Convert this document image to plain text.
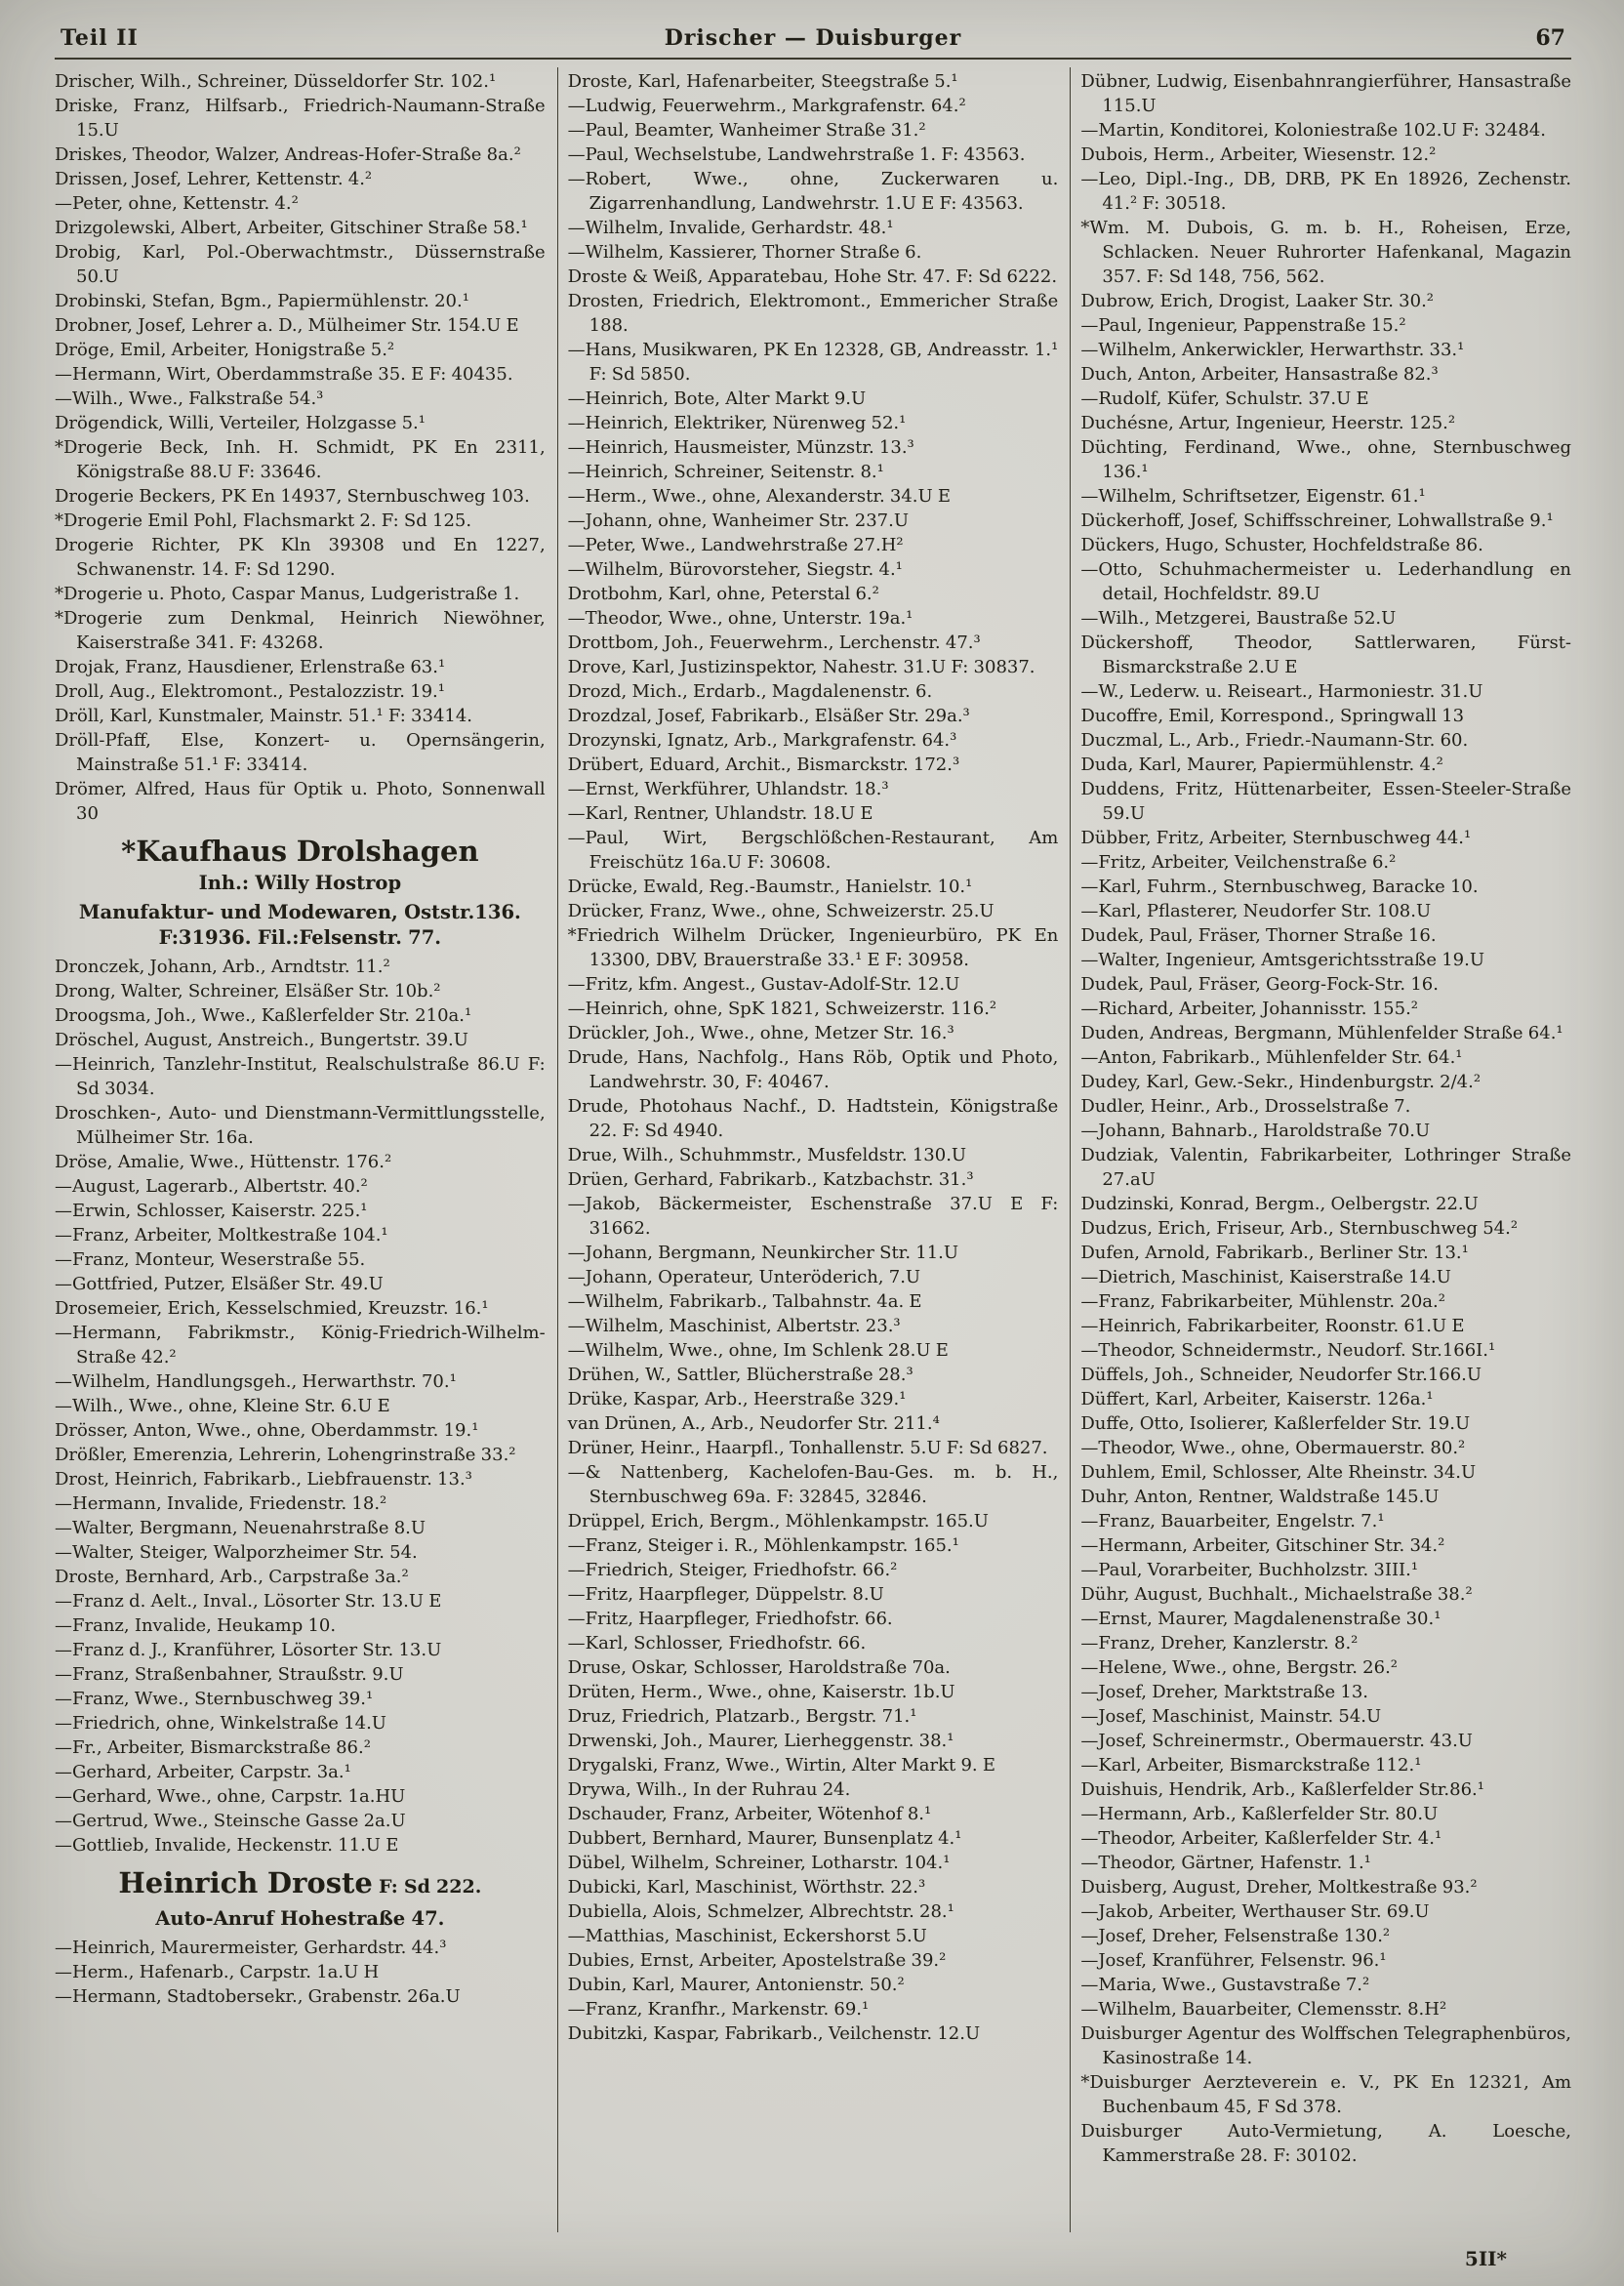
Teil II	Drischer — Duisburger	67

Drischer, Wilh., Schreiner, Düsseldorfer Str. 102.¹

Driske, Franz, Hilfsarb., Friedrich-Naumann-Straße 15.U

Driskes, Theodor, Walzer, Andreas-Hofer-Straße 8a.²

Drissen, Josef, Lehrer, Kettenstr. 4.²

—Peter, ohne, Kettenstr. 4.²

Drizgolewski, Albert, Arbeiter, Gitschiner Straße 58.¹

Drobig, Karl, Pol.-Oberwachtmstr., Düssernstraße 50.U

Drobinski, Stefan, Bgm., Papiermühlenstr. 20.¹

Drobner, Josef, Lehrer a. D., Mülheimer Str. 154.U E

Dröge, Emil, Arbeiter, Honigstraße 5.²

—Hermann, Wirt, Oberdammstraße 35. E F: 40435.

—Wilh., Wwe., Falkstraße 54.³

Drögendick, Willi, Verteiler, Holzgasse 5.¹

*Drogerie Beck, Inh. H. Schmidt, PK En 2311, Königstraße 88.U F: 33646.

Drogerie Beckers, PK En 14937, Sternbuschweg 103.

*Drogerie Emil Pohl, Flachsmarkt 2. F: Sd 125.

Drogerie Richter, PK Kln 39308 und En 1227, Schwanenstr. 14. F: Sd 1290.

*Drogerie u. Photo, Caspar Manus, Ludgeristraße 1.

*Drogerie zum Denkmal, Heinrich Niewöhner, Kaiserstraße 341. F: 43268.

Drojak, Franz, Hausdiener, Erlenstraße 63.¹

Droll, Aug., Elektromont., Pestalozzistr. 19.¹

Dröll, Karl, Kunstmaler, Mainstr. 51.¹ F: 33414.

Dröll-Pfaff, Else, Konzert- u. Opernsängerin, Mainstraße 51.¹ F: 33414.

Drömer, Alfred, Haus für Optik u. Photo, Sonnenwall 30

*Kaufhaus Drolshagen

Inh.: Willy Hostrop

Manufaktur- und Modewaren, Oststr.136. F:31936. Fil.:Felsenstr. 77.

Dronczek, Johann, Arb., Arndtstr. 11.²

Drong, Walter, Schreiner, Elsäßer Str. 10b.²

Droogsma, Joh., Wwe., Kaßlerfelder Str. 210a.¹

Dröschel, August, Anstreich., Bungertstr. 39.U

—Heinrich, Tanzlehr-Institut, Realschulstraße 86.U F: Sd 3034.

Droschken-, Auto- und Dienstmann-Vermittlungsstelle, Mülheimer Str. 16a.

Dröse, Amalie, Wwe., Hüttenstr. 176.²

—August, Lagerarb., Albertstr. 40.²

—Erwin, Schlosser, Kaiserstr. 225.¹

—Franz, Arbeiter, Moltkestraße 104.¹

—Franz, Monteur, Weserstraße 55.

—Gottfried, Putzer, Elsäßer Str. 49.U

Drosemeier, Erich, Kesselschmied, Kreuzstr. 16.¹

—Hermann, Fabrikmstr., König-Friedrich-Wilhelm-Straße 42.²

—Wilhelm, Handlungsgeh., Herwarthstr. 70.¹

—Wilh., Wwe., ohne, Kleine Str. 6.U E

Drösser, Anton, Wwe., ohne, Oberdammstr. 19.¹

Drößler, Emerenzia, Lehrerin, Lohengrinstraße 33.²

Drost, Heinrich, Fabrikarb., Liebfrauenstr. 13.³

—Hermann, Invalide, Friedenstr. 18.²

—Walter, Bergmann, Neuenahrstraße 8.U

—Walter, Steiger, Walporzheimer Str. 54.

Droste, Bernhard, Arb., Carpstraße 3a.²

—Franz d. Aelt., Inval., Lösorter Str. 13.U E

—Franz, Invalide, Heukamp 10.

—Franz d. J., Kranführer, Lösorter Str. 13.U

—Franz, Straßenbahner, Straußstr. 9.U

—Franz, Wwe., Sternbuschweg 39.¹

—Friedrich, ohne, Winkelstraße 14.U

—Fr., Arbeiter, Bismarckstraße 86.²

—Gerhard, Arbeiter, Carpstr. 3a.¹

—Gerhard, Wwe., ohne, Carpstr. 1a.HU

—Gertrud, Wwe., Steinsche Gasse 2a.U

—Gottlieb, Invalide, Heckenstr. 11.U E

Heinrich Droste F: Sd 222.

Auto-Anruf Hohestraße 47.

—Heinrich, Maurermeister, Gerhardstr. 44.³

—Herm., Hafenarb., Carpstr. 1a.U H

—Hermann, Stadtobersekr., Grabenstr. 26a.U

Droste, Karl, Hafenarbeiter, Steegstraße 5.¹

—Ludwig, Feuerwehrm., Markgrafenstr. 64.²

—Paul, Beamter, Wanheimer Straße 31.²

—Paul, Wechselstube, Landwehrstraße 1. F: 43563.

—Robert, Wwe., ohne, Zuckerwaren u. Zigarrenhandlung, Landwehrstr. 1.U E F: 43563.

—Wilhelm, Invalide, Gerhardstr. 48.¹

—Wilhelm, Kassierer, Thorner Straße 6.

Droste & Weiß, Apparatebau, Hohe Str. 47. F: Sd 6222.

Drosten, Friedrich, Elektromont., Emmericher Straße 188.

—Hans, Musikwaren, PK En 12328, GB, Andreasstr. 1.¹ F: Sd 5850.

—Heinrich, Bote, Alter Markt 9.U

—Heinrich, Elektriker, Nürenweg 52.¹

—Heinrich, Hausmeister, Münzstr. 13.³

—Heinrich, Schreiner, Seitenstr. 8.¹

—Herm., Wwe., ohne, Alexanderstr. 34.U E

—Johann, ohne, Wanheimer Str. 237.U

—Peter, Wwe., Landwehrstraße 27.H²

—Wilhelm, Bürovorsteher, Siegstr. 4.¹

Drotbohm, Karl, ohne, Peterstal 6.²

—Theodor, Wwe., ohne, Unterstr. 19a.¹

Drottbom, Joh., Feuerwehrm., Lerchenstr. 47.³

Drove, Karl, Justizinspektor, Nahestr. 31.U F: 30837.

Drozd, Mich., Erdarb., Magdalenenstr. 6.

Drozdzal, Josef, Fabrikarb., Elsäßer Str. 29a.³

Drozynski, Ignatz, Arb., Markgrafenstr. 64.³

Drübert, Eduard, Archit., Bismarckstr. 172.³

—Ernst, Werkführer, Uhlandstr. 18.³

—Karl, Rentner, Uhlandstr. 18.U E

—Paul, Wirt, Bergschlößchen-Restaurant, Am Freischütz 16a.U F: 30608.

Drücke, Ewald, Reg.-Baumstr., Hanielstr. 10.¹

Drücker, Franz, Wwe., ohne, Schweizerstr. 25.U

*Friedrich Wilhelm Drücker, Ingenieurbüro, PK En 13300, DBV, Brauerstraße 33.¹ E F: 30958.

—Fritz, kfm. Angest., Gustav-Adolf-Str. 12.U

—Heinrich, ohne, SpK 1821, Schweizerstr. 116.²

Drückler, Joh., Wwe., ohne, Metzer Str. 16.³

Drude, Hans, Nachfolg., Hans Röb, Optik und Photo, Landwehrstr. 30, F: 40467.

Drude, Photohaus Nachf., D. Hadtstein, Königstraße 22. F: Sd 4940.

Drue, Wilh., Schuhmmstr., Musfeldstr. 130.U

Drüen, Gerhard, Fabrikarb., Katzbachstr. 31.³

—Jakob, Bäckermeister, Eschenstraße 37.U E F: 31662.

—Johann, Bergmann, Neunkircher Str. 11.U

—Johann, Operateur, Unteröderich, 7.U

—Wilhelm, Fabrikarb., Talbahnstr. 4a. E

—Wilhelm, Maschinist, Albertstr. 23.³

—Wilhelm, Wwe., ohne, Im Schlenk 28.U E

Drühen, W., Sattler, Blücherstraße 28.³

Drüke, Kaspar, Arb., Heerstraße 329.¹

van Drünen, A., Arb., Neudorfer Str. 211.⁴

Drüner, Heinr., Haarpfl., Tonhallenstr. 5.U F: Sd 6827.

—& Nattenberg, Kachelofen-Bau-Ges. m. b. H., Sternbuschweg 69a. F: 32845, 32846.

Drüppel, Erich, Bergm., Möhlenkampstr. 165.U

—Franz, Steiger i. R., Möhlenkampstr. 165.¹

—Friedrich, Steiger, Friedhofstr. 66.²

—Fritz, Haarpfleger, Düppelstr. 8.U

—Fritz, Haarpfleger, Friedhofstr. 66.

—Karl, Schlosser, Friedhofstr. 66.

Druse, Oskar, Schlosser, Haroldstraße 70a.

Drüten, Herm., Wwe., ohne, Kaiserstr. 1b.U

Druz, Friedrich, Platzarb., Bergstr. 71.¹

Drwenski, Joh., Maurer, Lierheggenstr. 38.¹

Drygalski, Franz, Wwe., Wirtin, Alter Markt 9. E

Drywa, Wilh., In der Ruhrau 24.

Dschauder, Franz, Arbeiter, Wötenhof 8.¹

Dubbert, Bernhard, Maurer, Bunsenplatz 4.¹

Dübel, Wilhelm, Schreiner, Lotharstr. 104.¹

Dubicki, Karl, Maschinist, Wörthstr. 22.³

Dubiella, Alois, Schmelzer, Albrechtstr. 28.¹

—Matthias, Maschinist, Eckershorst 5.U

Dubies, Ernst, Arbeiter, Apostelstraße 39.²

Dubin, Karl, Maurer, Antonienstr. 50.²

—Franz, Kranfhr., Markenstr. 69.¹

Dubitzki, Kaspar, Fabrikarb., Veilchenstr. 12.U

Dübner, Ludwig, Eisenbahnrangierführer, Hansastraße 115.U

—Martin, Konditorei, Koloniestraße 102.U F: 32484.

Dubois, Herm., Arbeiter, Wiesenstr. 12.²

—Leo, Dipl.-Ing., DB, DRB, PK En 18926, Zechenstr. 41.² F: 30518.

*Wm. M. Dubois, G. m. b. H., Roheisen, Erze, Schlacken. Neuer Ruhrorter Hafenkanal, Magazin 357. F: Sd 148, 756, 562.

Dubrow, Erich, Drogist, Laaker Str. 30.²

—Paul, Ingenieur, Pappenstraße 15.²

—Wilhelm, Ankerwickler, Herwarthstr. 33.¹

Duch, Anton, Arbeiter, Hansastraße 82.³

—Rudolf, Küfer, Schulstr. 37.U E

Duchésne, Artur, Ingenieur, Heerstr. 125.²

Düchting, Ferdinand, Wwe., ohne, Sternbuschweg 136.¹

—Wilhelm, Schriftsetzer, Eigenstr. 61.¹

Dückerhoff, Josef, Schiffsschreiner, Lohwallstraße 9.¹

Dückers, Hugo, Schuster, Hochfeldstraße 86.

—Otto, Schuhmachermeister u. Lederhandlung en detail, Hochfeldstr. 89.U

—Wilh., Metzgerei, Baustraße 52.U

Dückershoff, Theodor, Sattlerwaren, Fürst-Bismarckstraße 2.U E

—W., Lederw. u. Reiseart., Harmoniestr. 31.U

Ducoffre, Emil, Korrespond., Springwall 13

Duczmal, L., Arb., Friedr.-Naumann-Str. 60.

Duda, Karl, Maurer, Papiermühlenstr. 4.²

Duddens, Fritz, Hüttenarbeiter, Essen-Steeler-Straße 59.U

Dübber, Fritz, Arbeiter, Sternbuschweg 44.¹

—Fritz, Arbeiter, Veilchenstraße 6.²

—Karl, Fuhrm., Sternbuschweg, Baracke 10.

—Karl, Pflasterer, Neudorfer Str. 108.U

Dudek, Paul, Fräser, Thorner Straße 16.

—Walter, Ingenieur, Amtsgerichtsstraße 19.U

Dudek, Paul, Fräser, Georg-Fock-Str. 16.

—Richard, Arbeiter, Johannisstr. 155.²

Duden, Andreas, Bergmann, Mühlenfelder Straße 64.¹

—Anton, Fabrikarb., Mühlenfelder Str. 64.¹

Dudey, Karl, Gew.-Sekr., Hindenburgstr. 2/4.²

Dudler, Heinr., Arb., Drosselstraße 7.

—Johann, Bahnarb., Haroldstraße 70.U

Dudziak, Valentin, Fabrikarbeiter, Lothringer Straße 27.aU

Dudzinski, Konrad, Bergm., Oelbergstr. 22.U

Dudzus, Erich, Friseur, Arb., Sternbuschweg 54.²

Dufen, Arnold, Fabrikarb., Berliner Str. 13.¹

—Dietrich, Maschinist, Kaiserstraße 14.U

—Franz, Fabrikarbeiter, Mühlenstr. 20a.²

—Heinrich, Fabrikarbeiter, Roonstr. 61.U E

—Theodor, Schneidermstr., Neudorf. Str.166I.¹

Düffels, Joh., Schneider, Neudorfer Str.166.U

Düffert, Karl, Arbeiter, Kaiserstr. 126a.¹

Duffe, Otto, Isolierer, Kaßlerfelder Str. 19.U

—Theodor, Wwe., ohne, Obermauerstr. 80.²

Duhlem, Emil, Schlosser, Alte Rheinstr. 34.U

Duhr, Anton, Rentner, Waldstraße 145.U

—Franz, Bauarbeiter, Engelstr. 7.¹

—Hermann, Arbeiter, Gitschiner Str. 34.²

—Paul, Vorarbeiter, Buchholzstr. 3III.¹

Dühr, August, Buchhalt., Michaelstraße 38.²

—Ernst, Maurer, Magdalenenstraße 30.¹

—Franz, Dreher, Kanzlerstr. 8.²

—Helene, Wwe., ohne, Bergstr. 26.²

—Josef, Dreher, Marktstraße 13.

—Josef, Maschinist, Mainstr. 54.U

—Josef, Schreinermstr., Obermauerstr. 43.U

—Karl, Arbeiter, Bismarckstraße 112.¹

Duishuis, Hendrik, Arb., Kaßlerfelder Str.86.¹

—Hermann, Arb., Kaßlerfelder Str. 80.U

—Theodor, Arbeiter, Kaßlerfelder Str. 4.¹

—Theodor, Gärtner, Hafenstr. 1.¹

Duisberg, August, Dreher, Moltkestraße 93.²

—Jakob, Arbeiter, Werthauser Str. 69.U

—Josef, Dreher, Felsenstraße 130.²

—Josef, Kranführer, Felsenstr. 96.¹

—Maria, Wwe., Gustavstraße 7.²

—Wilhelm, Bauarbeiter, Clemensstr. 8.H²

Duisburger Agentur des Wolffschen Telegraphenbüros, Kasinostraße 14.

*Duisburger Aerzteverein e. V., PK En 12321, Am Buchenbaum 45, F Sd 378.

Duisburger Auto-Vermietung, A. Loesche, Kammerstraße 28. F: 30102.

5II*
